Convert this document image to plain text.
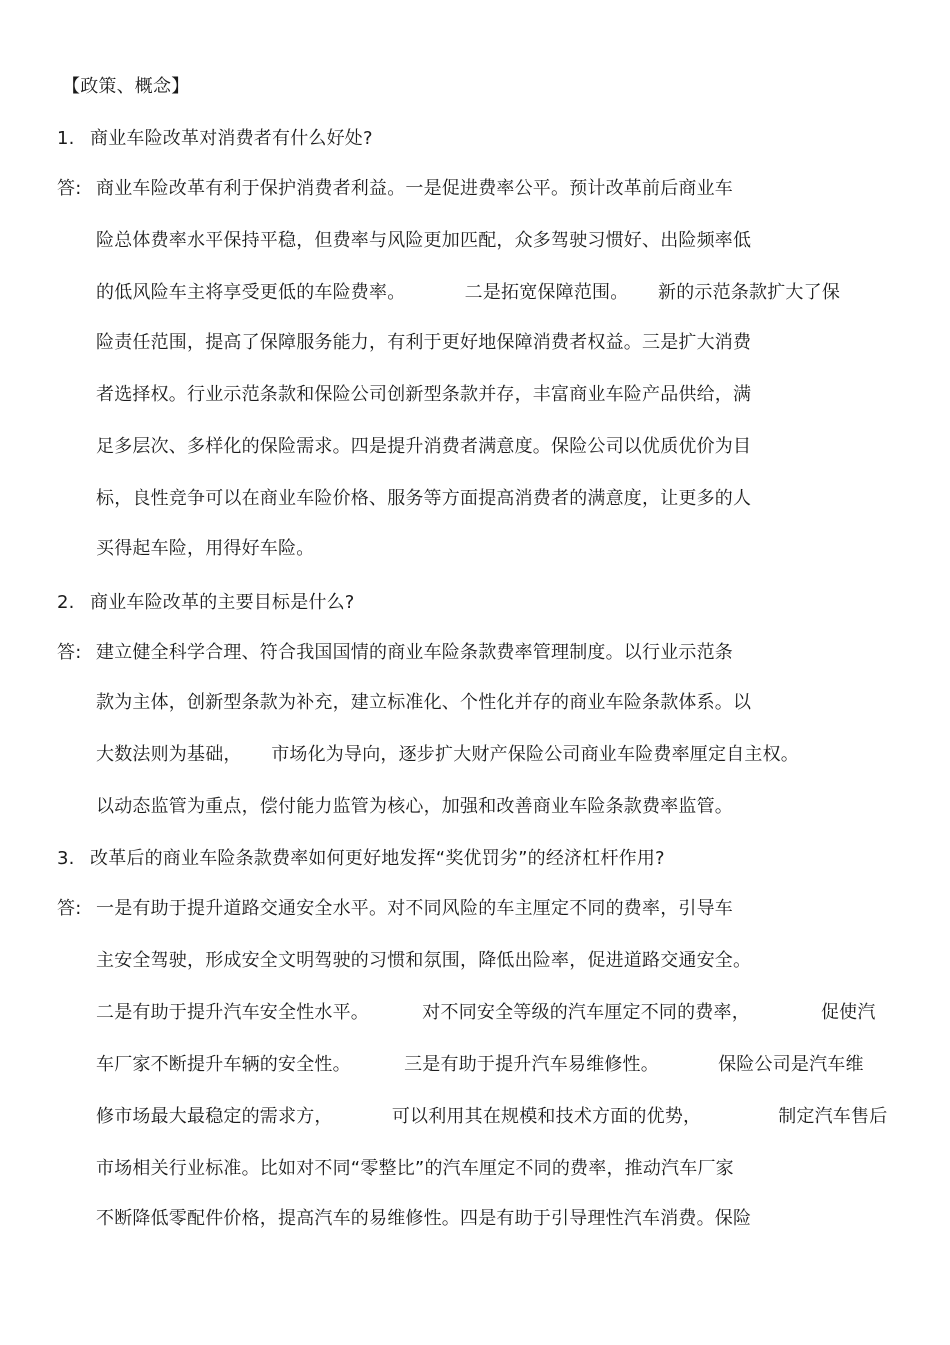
【政策、概念】
1. 商业车险改革对消费者有什么好处?
答: 商业车险改革有利于保护消费者利益。一是促进费率公平。预计改革前后商业车
险总体费率水平保持平稳，但费率与风险更加匹配，众多驾驶习惯好、出险频率低
的低风险车主将享受更低的车险费率。          二是拓宽保障范围。     新的示范条款扩大了保
险责任范围，提高了保障服务能力，有利于更好地保障消费者权益。三是扩大消费
者选择权。行业示范条款和保险公司创新型条款并存，丰富商业车险产品供给，满
足多层次、多样化的保险需求。四是提升消费者满意度。保险公司以优质优价为目
标，良性竞争可以在商业车险价格、服务等方面提高消费者的满意度，让更多的人
买得起车险，用得好车险。
2. 商业车险改革的主要目标是什么?
答: 建立健全科学合理、符合我国国情的商业车险条款费率管理制度。以行业示范条
款为主体，创新型条款为补充，建立标准化、个性化并存的商业车险条款体系。以
大数法则为基础，     市场化为导向，逐步扩大财产保险公司商业车险费率厘定自主权。
以动态监管为重点，偿付能力监管为核心，加强和改善商业车险条款费率监管。
3. 改革后的商业车险条款费率如何更好地发挥“奖优罚劣”的经济杠杆作用?
答: 一是有助于提升道路交通安全水平。对不同风险的车主厘定不同的费率，引导车
主安全驾驶，形成安全文明驾驶的习惯和氛围，降低出险率，促进道路交通安全。
二是有助于提升汽车安全性水平。         对不同安全等级的汽车厘定不同的费率，            促使汽
车厂家不断提升车辆的安全性。         三是有助于提升汽车易维修性。          保险公司是汽车维
修市场最大最稳定的需求方，          可以利用其在规模和技术方面的优势，             制定汽车售后
市场相关行业标准。比如对不同“零整比”的汽车厘定不同的费率，推动汽车厂家
不断降低零配件价格，提高汽车的易维修性。四是有助于引导理性汽车消费。保险
